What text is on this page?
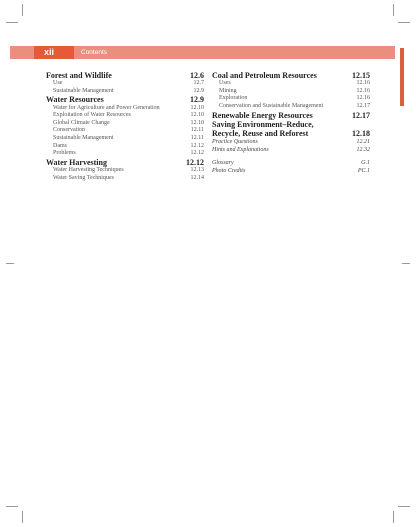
xii	Contents
Forest and Wildlife	12.6
Use	12.7
Sustainable Management	12.9
Water Resources	12.9
Water for Agriculture and Power Generation	12.10
Exploitation of Water Resources	12.10
Global Climate Change	12.10
Conservation	12.11
Sustainable Management	12.11
Dams	12.12
Problems	12.12
Water Harvesting	12.12
Water Harvesting Techniques	12.13
Water Saving Techniques	12.14
Coal and Petroleum Resources	12.15
Uses	12.16
Mining	12.16
Exploration	12.16
Conservation and Sustainable Management	12.17
Renewable Energy Resources	12.17
Saving Environment–Reduce,
Recycle, Reuse and Reforest	12.18
Practice Questions	12.21
Hints and Explanations	12.32
Glossary	G.1
Photo Credits	PC.1
